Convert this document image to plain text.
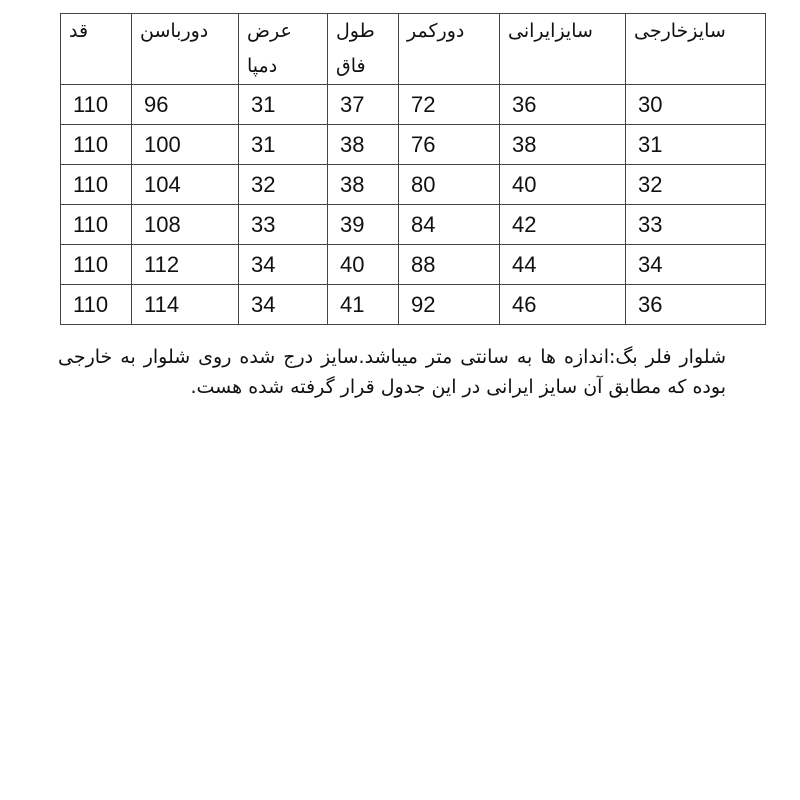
قد	دورباسن	عرض دمپا	طول فاق	دورکمر	سایزایرانی	سایزخارجی
110	96	31	37	72	36	30
110	100	31	38	76	38	31
110	104	32	38	80	40	32
110	108	33	39	84	42	33
110	112	34	40	88	44	34
110	114	34	41	92	46	36

شلوار فلر بگ:اندازه ها به سانتی متر میباشد.سایز درج شده روی شلوار به خارجی بوده که مطابق آن سایز ایرانی در این جدول قرار گرفته شده هست.
